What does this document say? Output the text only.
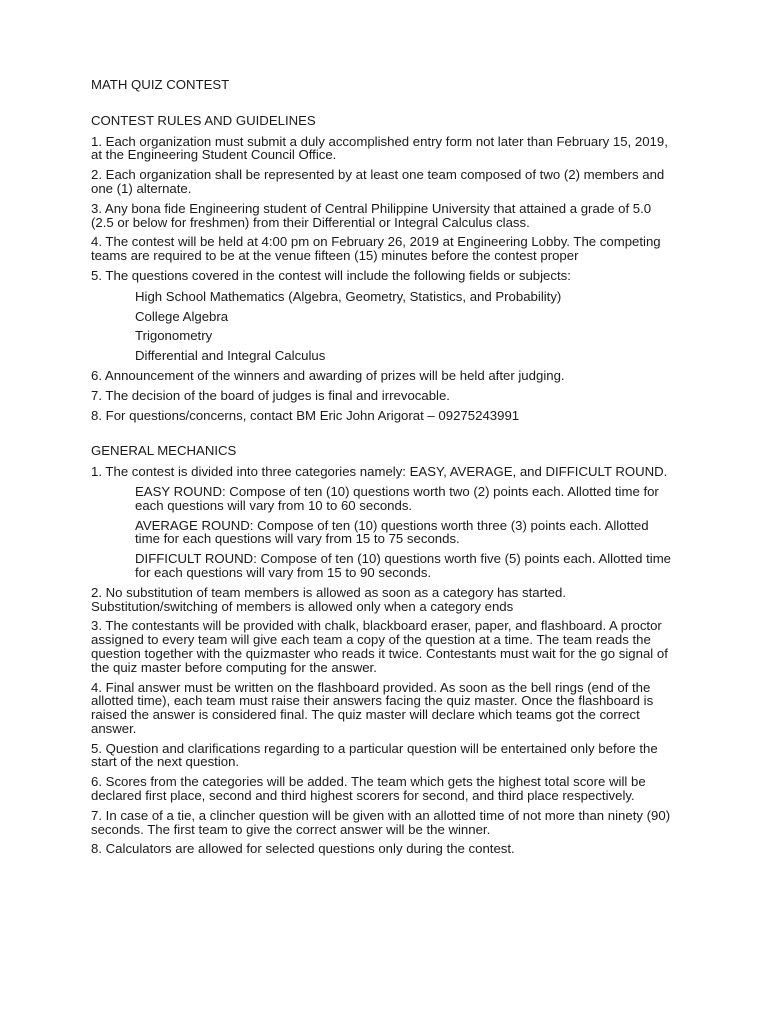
MATH QUIZ CONTEST
CONTEST RULES AND GUIDELINES
1. Each organization must submit a duly accomplished entry form not later than February 15, 2019, at the Engineering Student Council Office.
2. Each organization shall be represented by at least one team composed of two (2) members and one (1) alternate.
3. Any bona fide Engineering student of Central Philippine University that attained a grade of 5.0 (2.5 or below for freshmen) from their Differential or Integral Calculus class.
4. The contest will be held at 4:00 pm on February 26, 2019 at Engineering Lobby. The competing teams are required to be at the venue fifteen (15) minutes before the contest proper
5. The questions covered in the contest will include the following fields or subjects:
High School Mathematics (Algebra, Geometry, Statistics, and Probability)
College Algebra
Trigonometry
Differential and Integral Calculus
6. Announcement of the winners and awarding of prizes will be held after judging.
7. The decision of the board of judges is final and irrevocable.
8. For questions/concerns, contact BM Eric John Arigorat – 09275243991
GENERAL MECHANICS
1. The contest is divided into three categories namely: EASY, AVERAGE, and DIFFICULT ROUND.
EASY ROUND: Compose of ten (10) questions worth two (2) points each. Allotted time for each questions will vary from 10 to 60 seconds.
AVERAGE ROUND: Compose of ten (10) questions worth three (3) points each. Allotted time for each questions will vary from 15 to 75 seconds.
DIFFICULT ROUND: Compose of ten (10) questions worth five (5) points each. Allotted time for each questions will vary from 15 to 90 seconds.
2. No substitution of team members is allowed as soon as a category has started. Substitution/switching of members is allowed only when a category ends
3. The contestants will be provided with chalk, blackboard eraser, paper, and flashboard. A proctor assigned to every team will give each team a copy of the question at a time. The team reads the question together with the quizmaster who reads it twice. Contestants must wait for the go signal of the quiz master before computing for the answer.
4. Final answer must be written on the flashboard provided. As soon as the bell rings (end of the allotted time), each team must raise their answers facing the quiz master. Once the flashboard is raised the answer is considered final. The quiz master will declare which teams got the correct answer.
5. Question and clarifications regarding to a particular question will be entertained only before the start of the next question.
6. Scores from the categories will be added. The team which gets the highest total score will be declared first place, second and third highest scorers for second, and third place respectively.
7. In case of a tie, a clincher question will be given with an allotted time of not more than ninety (90) seconds. The first team to give the correct answer will be the winner.
8. Calculators are allowed for selected questions only during the contest.
